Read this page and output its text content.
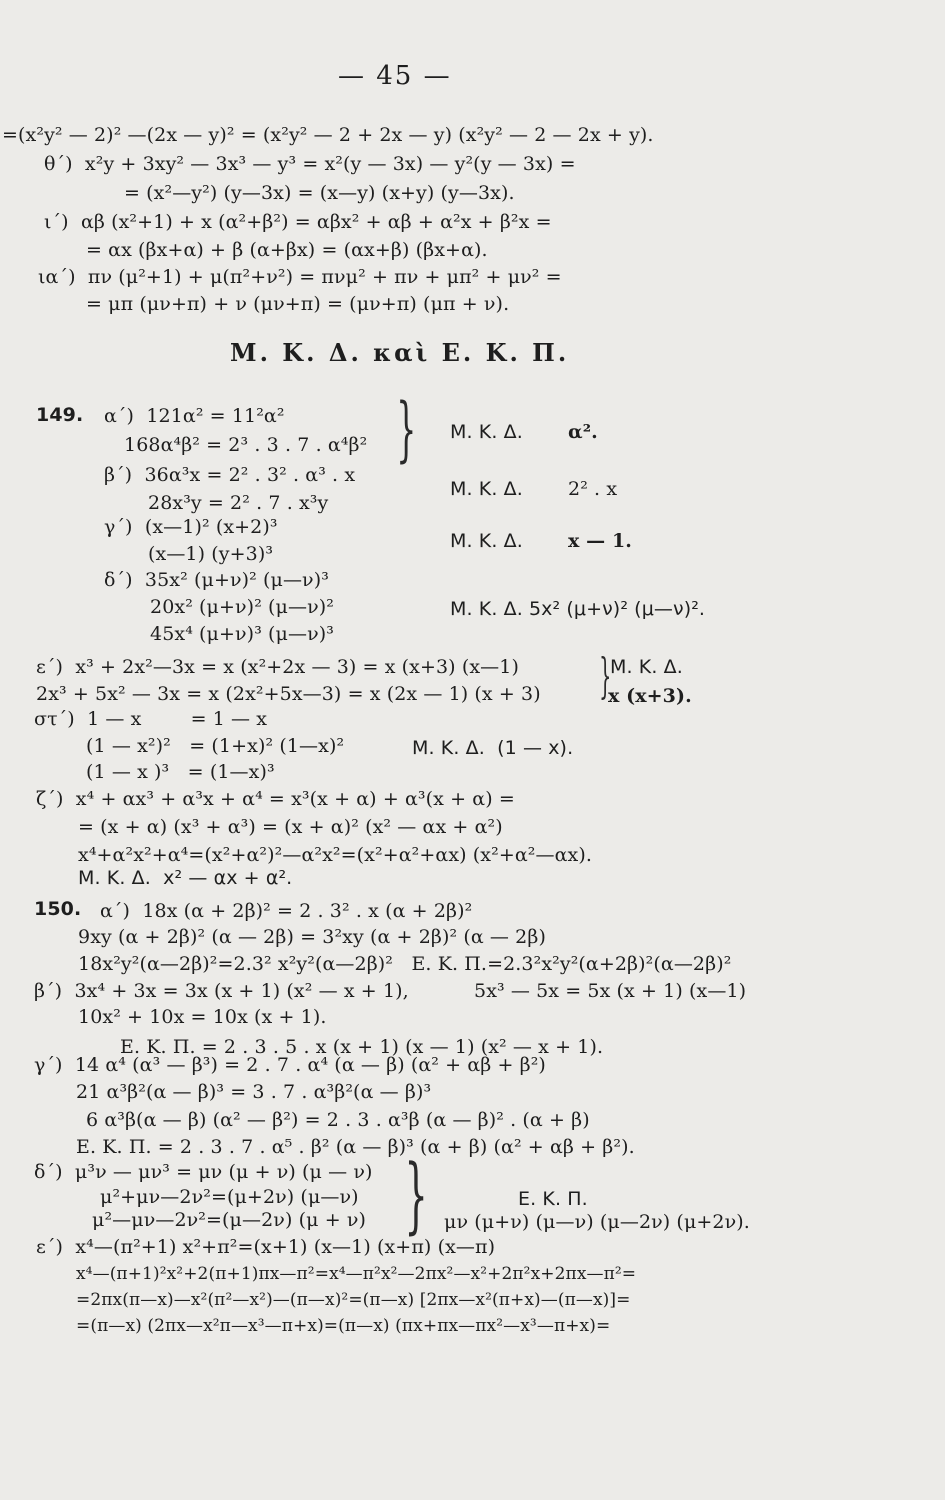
— 45 —
=(x²y² — 2)² —(2x — y)² = (x²y² — 2 + 2x — y) (x²y² — 2 — 2x + y).
θ΄)  x²y + 3xy² — 3x³ — y³ = x²(y — 3x) — y²(y — 3x) =
= (x²—y²) (y—3x) = (x—y) (x+y) (y—3x).
ι΄)  αβ (x²+1) + x (α²+β²) = αβx² + αβ + α²x + β²x =
= αx (βx+α) + β (α+βx) = (αx+β) (βx+α).
ια΄)  πν (μ²+1) + μ(π²+ν²) = πνμ² + πν + μπ² + μν² =
= μπ (μν+π) + ν (μν+π) = (μν+π) (μπ + ν).
Μ. Κ. Δ. καὶ Ε. Κ. Π.
149. α΄)  121α² = 11²α²
168α⁴β² = 2³ . 3 . 7 . α⁴β² } Μ. Κ. Δ. α².
β΄)  36α³x = 2² . 3² . α³ . x
28x³y = 2² . 7 . x³y
Μ. Κ. Δ. 2² . x
γ΄)  (x—1)² (x+2)³
(x—1) (y+3)³
Μ. Κ. Δ. x — 1.
δ΄)  35x² (μ+ν)² (μ—ν)³
20x² (μ+ν)² (μ—ν)²	Μ. Κ. Δ. 5x² (μ+ν)² (μ—ν)².
45x⁴ (μ+ν)³ (μ—ν)³
ε΄)  x³ + 2x²—3x = x (x²+2x — 3) = x (x+3) (x—1) }
Μ. Κ. Δ.
2x³ + 5x² — 3x = x (2x²+5x—3) = x (2x — 1) (x + 3)	x (x+3).
στ΄)  1 — x        = 1 — x
(1 — x²)²   = (1+x)² (1—x)²	Μ. Κ. Δ.  (1 — x).
(1 — x )³   = (1—x)³
ζ΄)  x⁴ + αx³ + α³x + α⁴ = x³(x + α) + α³(x + α) =
= (x + α) (x³ + α³) = (x + α)² (x² — αx + α²)
x⁴+α²x²+α⁴=(x²+α²)²—α²x²=(x²+α²+αx) (x²+α²—αx).
Μ. Κ. Δ.  x² — αx + α².
150. α΄)  18x (α + 2β)² = 2 . 3² . x (α + 2β)²
9xy (α + 2β)² (α — 2β) = 3²xy (α + 2β)² (α — 2β)
18x²y²(α—2β)²=2.3² x²y²(α—2β)²   Ε. Κ. Π.=2.3²x²y²(α+2β)²(α—2β)²
β΄)  3x⁴ + 3x = 3x (x + 1) (x² — x + 1),	5x³ — 5x = 5x (x + 1) (x—1)
10x² + 10x = 10x (x + 1).
Ε. Κ. Π. = 2 . 3 . 5 . x (x + 1) (x — 1) (x² — x + 1).
γ΄)  14 α⁴ (α³ — β³) = 2 . 7 . α⁴ (α — β) (α² + αβ + β²)
21 α³β²(α — β)³ = 3 . 7 . α³β²(α — β)³
6 α³β(α — β) (α² — β²) = 2 . 3 . α³β (α — β)² . (α + β)
Ε. Κ. Π. = 2 . 3 . 7 . α⁵ . β² (α — β)³ (α + β) (α² + αβ + β²).
δ΄)  μ³ν — μν³ = μν (μ + ν) (μ — ν)
μ²+μν—2ν²=(μ+2ν) (μ—ν) }	Ε. Κ. Π.
μ²—μν—2ν²=(μ—2ν) (μ + ν)	μν (μ+ν) (μ—ν) (μ—2ν) (μ+2ν).
ε΄)  x⁴—(π²+1) x²+π²=(x+1) (x—1) (x+π) (x—π)
x⁴—(π+1)²x²+2(π+1)πx—π²=x⁴—π²x²—2πx²—x²+2π²x+2πx—π²=
=2πx(π—x)—x²(π²—x²)—(π—x)²=(π—x) [2πx—x²(π+x)—(π—x)]=
=(π—x) (2πx—x²π—x³—π+x)=(π—x) (πx+πx—πx²—x³—π+x)=
